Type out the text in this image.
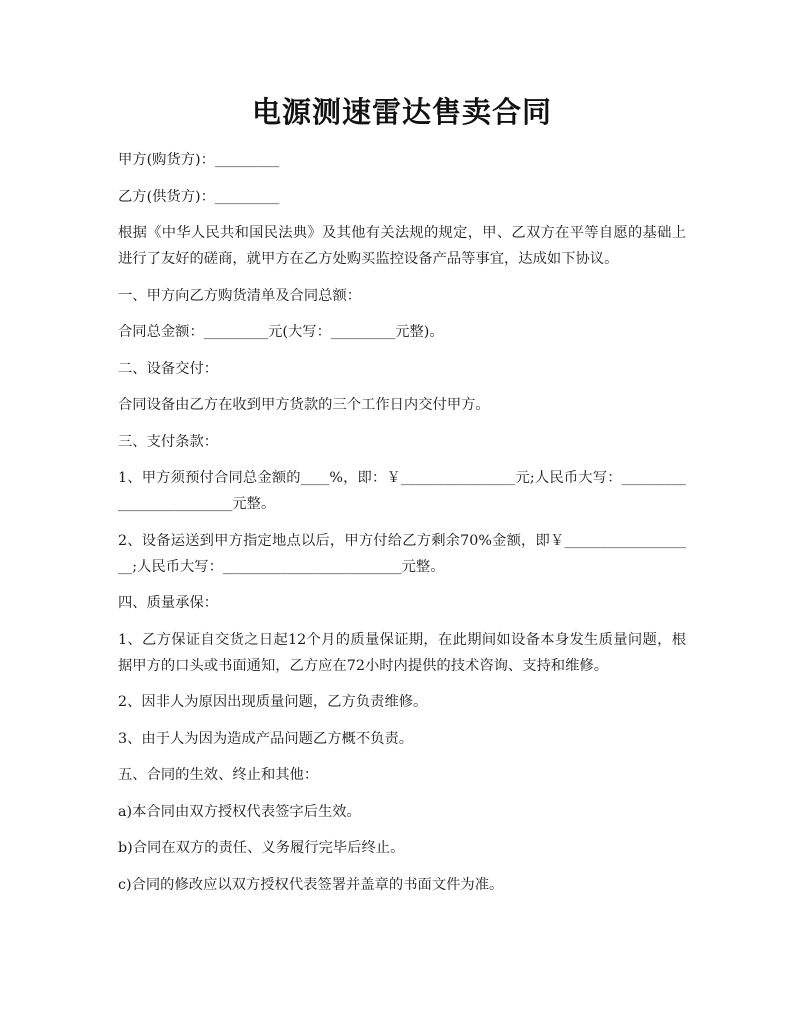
电源测速雷达售卖合同

甲方(购货方)：_________

乙方(供货方)：_________

根据《中华人民共和国民法典》及其他有关法规的规定，甲、乙双方在平等自愿的基础上进行了友好的磋商，就甲方在乙方处购买监控设备产品等事宜，达成如下协议。

一、甲方向乙方购货清单及合同总额：

合同总金额：_________元(大写：_________元整)。

二、设备交付：

合同设备由乙方在收到甲方货款的三个工作日内交付甲方。

三、支付条款：

1、甲方须预付合同总金额的____%，即：￥________________元;人民币大写：_________________________元整。

2、设备运送到甲方指定地点以后，甲方付给乙方剩余70%金额，即￥___________________;人民币大写：_________________________元整。

四、质量承保：

1、乙方保证自交货之日起12个月的质量保证期，在此期间如设备本身发生质量问题，根据甲方的口头或书面通知，乙方应在72小时内提供的技术咨询、支持和维修。

2、因非人为原因出现质量问题，乙方负责维修。

3、由于人为因为造成产品问题乙方概不负责。

五、合同的生效、终止和其他：

a)本合同由双方授权代表签字后生效。

b)合同在双方的责任、义务履行完毕后终止。

c)合同的修改应以双方授权代表签署并盖章的书面文件为准。
